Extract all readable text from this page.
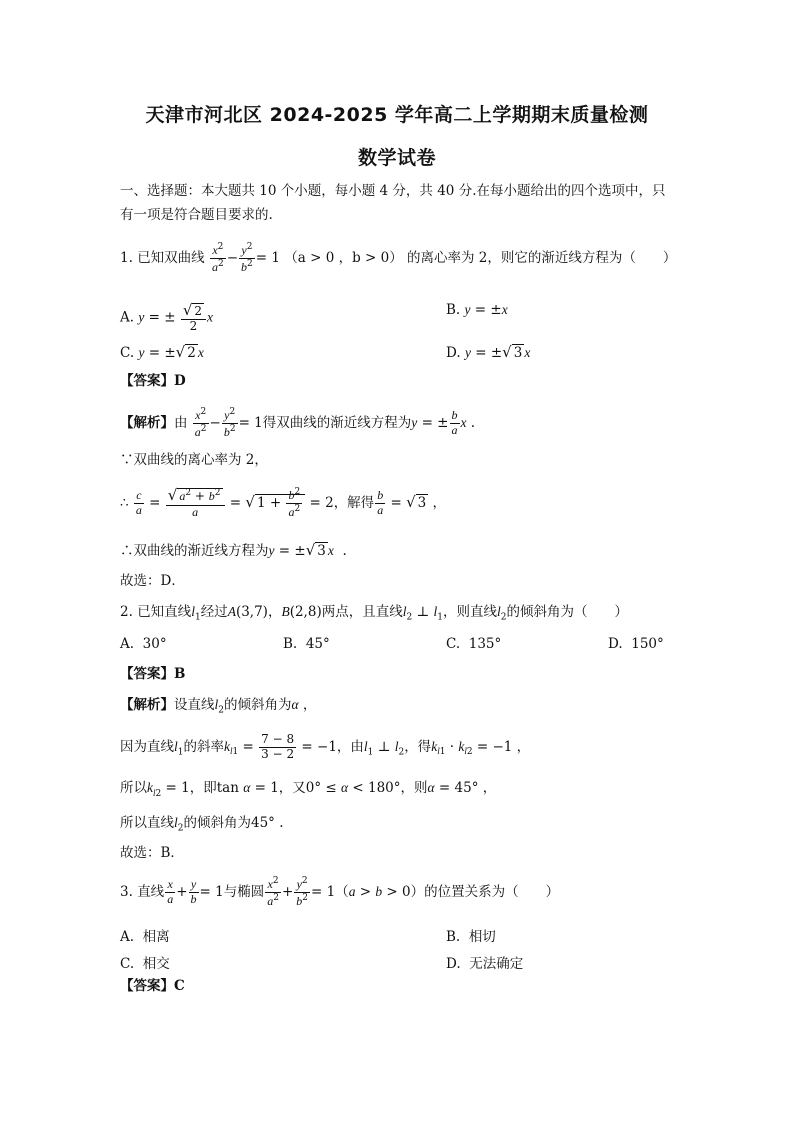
天津市河北区 2024-2025 学年高二上学期期末质量检测
数学试卷
一、选择题：本大题共 10 个小题，每小题 4 分，共 40 分.在每小题给出的四个选项中，只
有一项是符合题目要求的.
1. 已知双曲线 $\frac{x^2}{a^2} - \frac{y^2}{b^2} = 1$ （a > 0 ，b > 0） 的离心率为 2，则它的渐近线方程为（　　）
A. y = ± $\frac{√ 2}{2}$ x	B. y = ±x
C. y = ±√ 2 x	D. y = ±√ 3 x
【答案】D
【解析】由 $\frac{x^2}{a^2} - \frac{y^2}{b^2} = 1$得双曲线的渐近线方程为y = ± $\frac{b}{a}$ x .
∵双曲线的离心率为 2，
∴ $\frac{c}{a} = \frac{√ a^2 + b^2}{a}$ = √ $1 + \frac{b^2}{a^2} = 2$，解得 $\frac{b}{a}$ = √ 3 ，
∴双曲线的渐近线方程为y = ±√ 3 x  .
故选：D．
2. 已知直线$l_1$经过A(3,7)，B(2,8)两点，且直线$l_2$ ⊥ $l_1$，则直线$l_2$的倾斜角为（　　）
A. 30°	B. 45°	C. 135°	D. 150°
【答案】B
【解析】设直线$l_2$的倾斜角为α ，
因为直线$l_1$的斜率$k_{l1} = \frac{7 - 8}{3 - 2} = -1$，由$l_1$ ⊥ $l_2$，得$k_{l1} \cdot k_{l2} = -1$ ，
所以$k_{l2} = 1$，即tan α = 1，又0° ≤ α < 180°，则α = 45° ，
所以直线$l_2$的倾斜角为45° .
故选：B．
3. 直线 $\frac{x}{a} + \frac{y}{b} = 1$与椭圆 $\frac{x^2}{a^2} + \frac{y^2}{b^2} = 1(a > b > 0)$的位置关系为（　　）
A. 相离	B. 相切
C. 相交	D. 无法确定
【答案】C
